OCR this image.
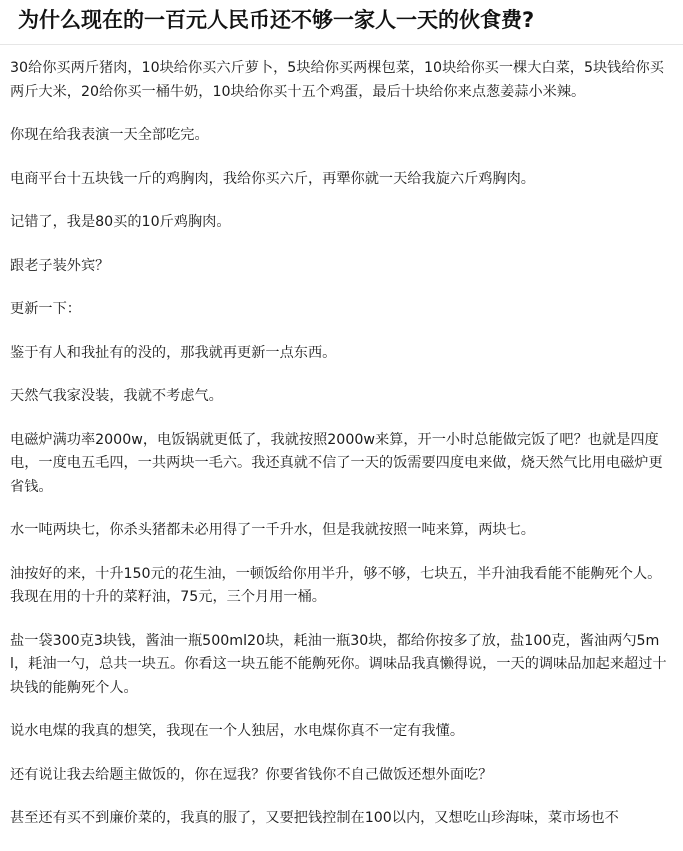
为什么现在的一百元人民币还不够一家人一天的伙食费?

30给你买两斤猪肉，10块给你买六斤萝卜，5块给你买两棵包菜，10块给你买一棵大白菜，5块钱给你买两斤大米，20给你买一桶牛奶，10块给你买十五个鸡蛋，最后十块给你来点葱姜蒜小米辣。

你现在给我表演一天全部吃完。

电商平台十五块钱一斤的鸡胸肉，我给你买六斤，再犟你就一天给我旋六斤鸡胸肉。

记错了，我是80买的10斤鸡胸肉。

跟老子装外宾？

更新一下：

鉴于有人和我扯有的没的，那我就再更新一点东西。

天然气我家没装，我就不考虑气。

电磁炉满功率2000w，电饭锅就更低了，我就按照2000w来算，开一小时总能做完饭了吧？也就是四度电，一度电五毛四，一共两块一毛六。我还真就不信了一天的饭需要四度电来做，烧天然气比用电磁炉更省钱。

水一吨两块七，你杀头猪都未必用得了一千升水，但是我就按照一吨来算，两块七。

油按好的来，十升150元的花生油，一顿饭给你用半升，够不够，七块五，半升油我看能不能齁死个人。我现在用的十升的菜籽油，75元，三个月用一桶。

盐一袋300克3块钱，酱油一瓶500ml20块，耗油一瓶30块，都给你按多了放，盐100克，酱油两勺5ml，耗油一勺，总共一块五。你看这一块五能不能齁死你。调味品我真懒得说，一天的调味品加起来超过十块钱的能齁死个人。

说水电煤的我真的想笑，我现在一个人独居，水电煤你真不一定有我懂。

还有说让我去给题主做饭的，你在逗我？你要省钱你不自己做饭还想外面吃？

甚至还有买不到廉价菜的，我真的服了，又要把钱控制在100以内，又想吃山珍海味，菜市场也不
